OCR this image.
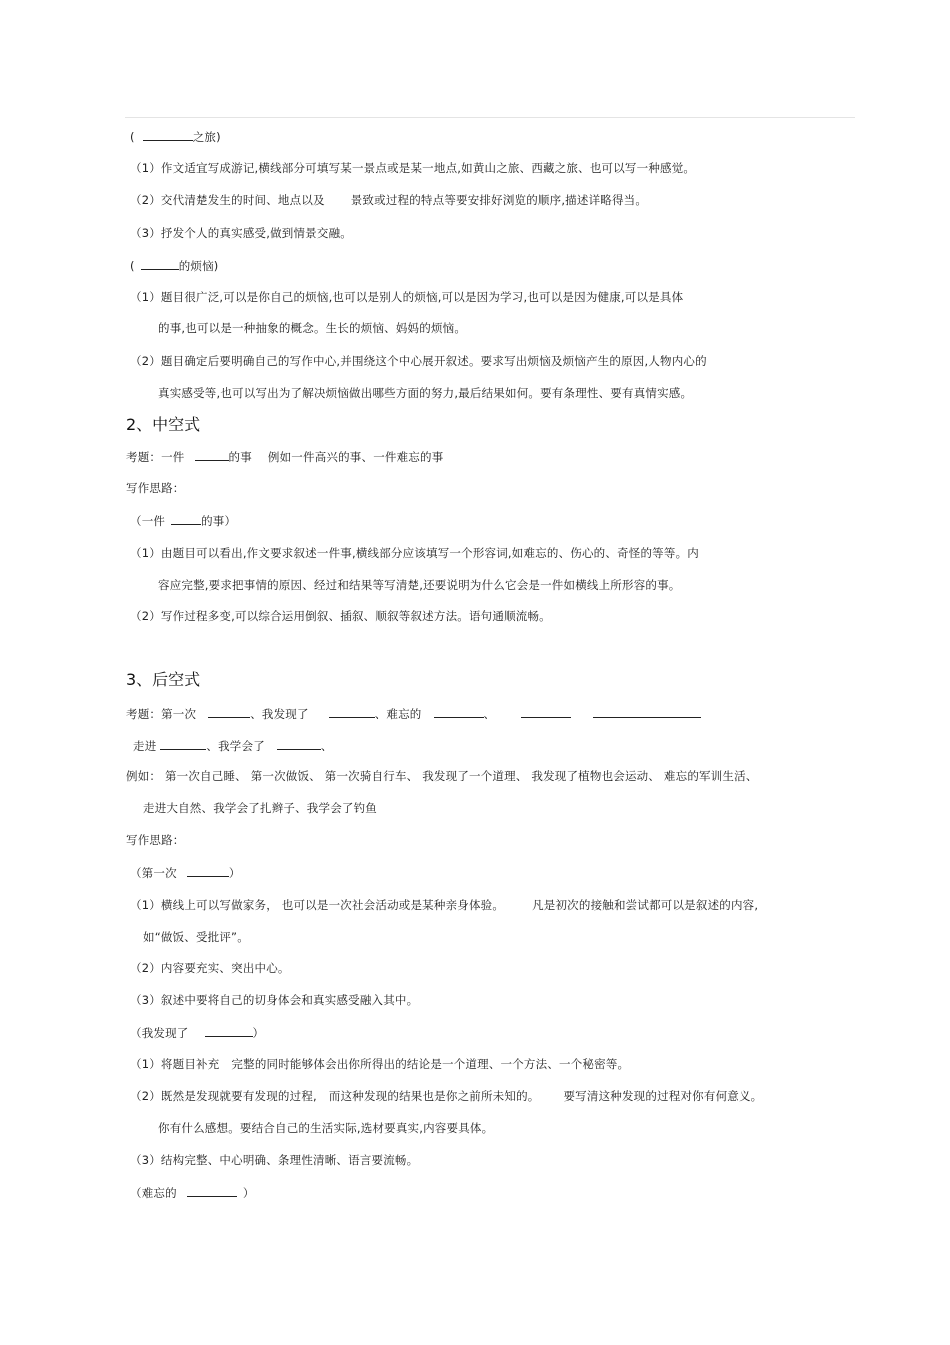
(	之旅)
（1）作文适宜写成游记,横线部分可填写某一景点或是某一地点,如黄山之旅、西藏之旅、也可以写一种感觉。
（2）交代清楚发生的时间、地点以及 景致或过程的特点等要安排好浏览的顺序,描述详略得当。
（3）抒发个人的真实感受,做到情景交融。
(	的烦恼)
（1）题目很广泛,可以是你自己的烦恼,也可以是别人的烦恼,可以是因为学习,也可以是因为健康,可以是具体
的事,也可以是一种抽象的概念。生长的烦恼、妈妈的烦恼。
（2）题目确定后要明确自己的写作中心,并围绕这个中心展开叙述。要求写出烦恼及烦恼产生的原因,人物内心的
真实感受等,也可以写出为了解决烦恼做出哪些方面的努力,最后结果如何。要有条理性、要有真情实感。
2、中空式
考题：一件	的事 例如一件高兴的事、一件难忘的事
写作思路：
（一件	的事）
（1）由题目可以看出,作文要求叙述一件事,横线部分应该填写一个形容词,如难忘的、伤心的、奇怪的等等。内
容应完整,要求把事情的原因、经过和结果等写清楚,还要说明为什么它会是一件如横线上所形容的事。
（2）写作过程多变,可以综合运用倒叙、插叙、顺叙等叙述方法。语句通顺流畅。
3、后空式
考题：第一次	、我发现了	、难忘的	、
走进	、我学会了	、
例如： 第一次自己睡、 第一次做饭、 第一次骑自行车、 我发现了一个道理、 我发现了植物也会运动、 难忘的军训生活、
走进大自然、我学会了扎辫子、我学会了钓鱼
写作思路：
（第一次	）
（1）横线上可以写做家务， 也可以是一次社会活动或是某种亲身体验。 凡是初次的接触和尝试都可以是叙述的内容,
如“做饭、受批评”。
（2）内容要充实、突出中心。
（3）叙述中要将自己的切身体会和真实感受融入其中。
（我发现了	）
（1）将题目补充 完整的同时能够体会出你所得出的结论是一个道理、一个方法、一个秘密等。
（2）既然是发现就要有发现的过程, 而这种发现的结果也是你之前所未知的。 要写清这种发现的过程对你有何意义。
你有什么感想。要结合自己的生活实际,选材要真实,内容要具体。
（3）结构完整、中心明确、条理性清晰、语言要流畅。
（难忘的	）
